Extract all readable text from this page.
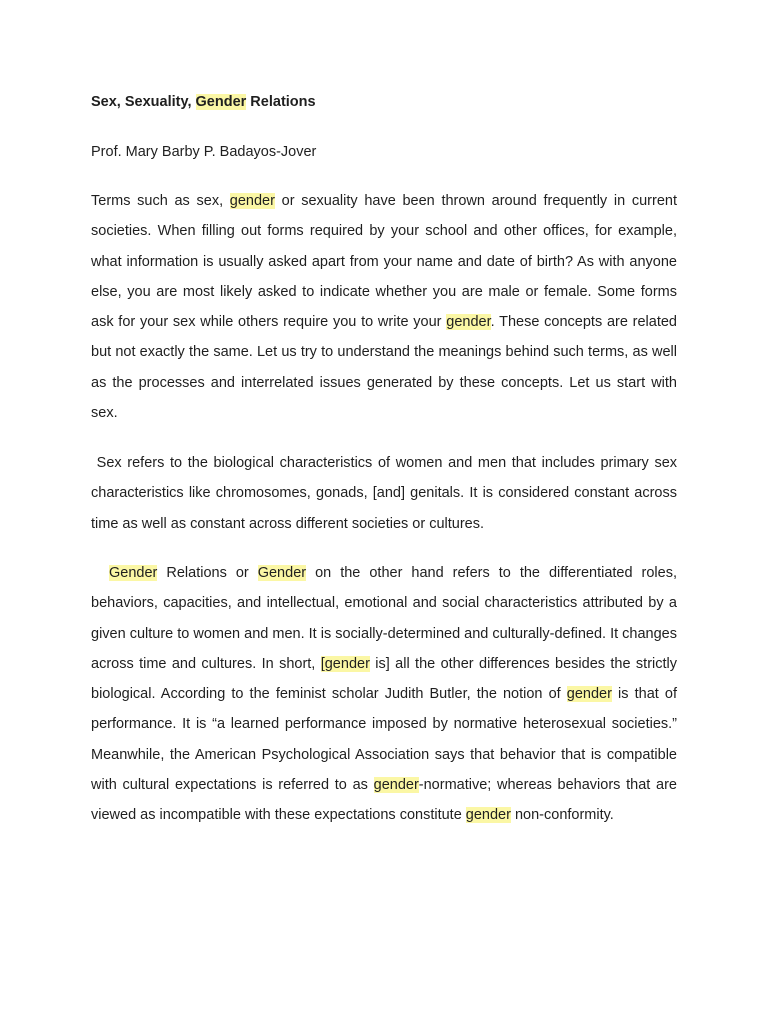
Sex, Sexuality, Gender Relations
Prof. Mary Barby P. Badayos-Jover

Terms such as sex, gender or sexuality have been thrown around frequently in current societies. When filling out forms required by your school and other offices, for example, what information is usually asked apart from your name and date of birth? As with anyone else, you are most likely asked to indicate whether you are male or female. Some forms ask for your sex while others require you to write your gender. These concepts are related but not exactly the same. Let us try to understand the meanings behind such terms, as well as the processes and interrelated issues generated by these concepts. Let us start with sex.

Sex refers to the biological characteristics of women and men that includes primary sex characteristics like chromosomes, gonads, [and] genitals. It is considered constant across time as well as constant across different societies or cultures.

Gender Relations or Gender on the other hand refers to the differentiated roles, behaviors, capacities, and intellectual, emotional and social characteristics attributed by a given culture to women and men. It is socially-determined and culturally-defined. It changes across time and cultures. In short, [gender is] all the other differences besides the strictly biological. According to the feminist scholar Judith Butler, the notion of gender is that of performance. It is “a learned performance imposed by normative heterosexual societies.” Meanwhile, the American Psychological Association says that behavior that is compatible with cultural expectations is referred to as gender-normative; whereas behaviors that are viewed as incompatible with these expectations constitute gender non-conformity.
